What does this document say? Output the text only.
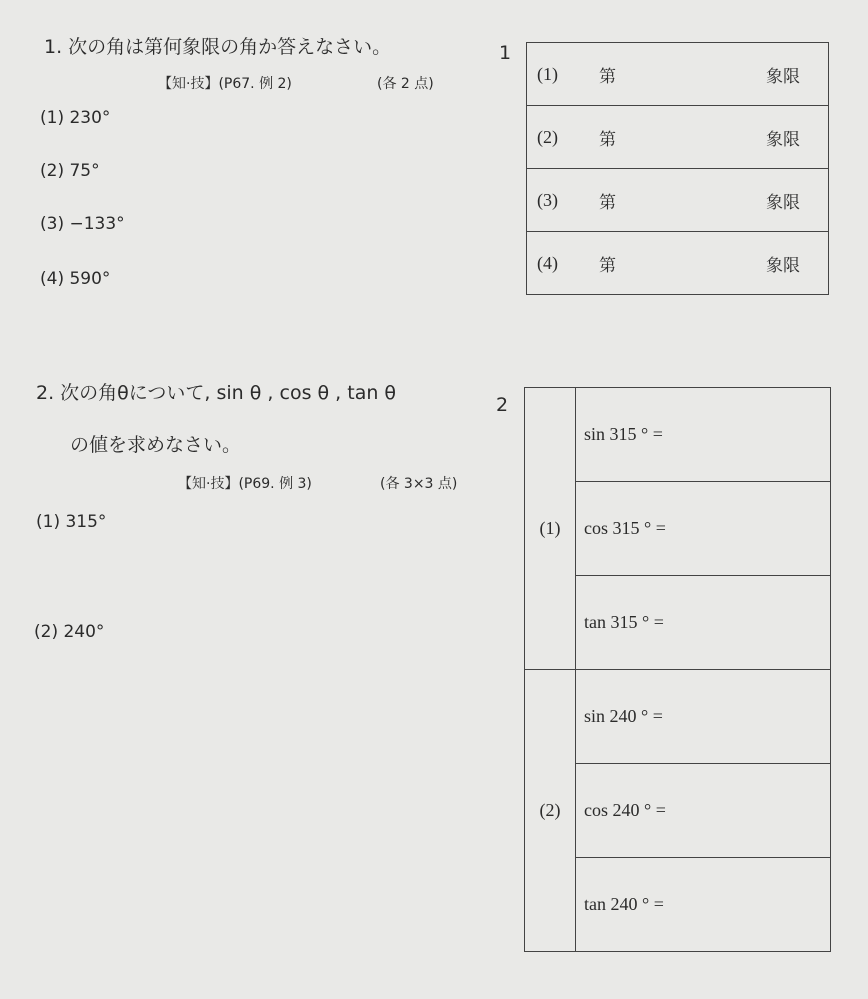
1. 次の角は第何象限の角か答えなさい。
【知·技】(P67. 例 2)	(各 2 点)
(1) 230°
(2) 75°
(3) −133°
(4) 590°
1
(1)	第		象限
(2)	第		象限
(3)	第		象限
(4)	第		象限
2. 次の角θについて, sin θ , cos θ , tan θ
の値を求めなさい。
【知·技】(P69. 例 3)	(各 3×3 点)
(1) 315°
(2) 240°
2
(1)	sin 315 ° =
	cos 315 ° =
	tan 315 ° =
(2)	sin 240 ° =
	cos 240 ° =
	tan 240 ° =
